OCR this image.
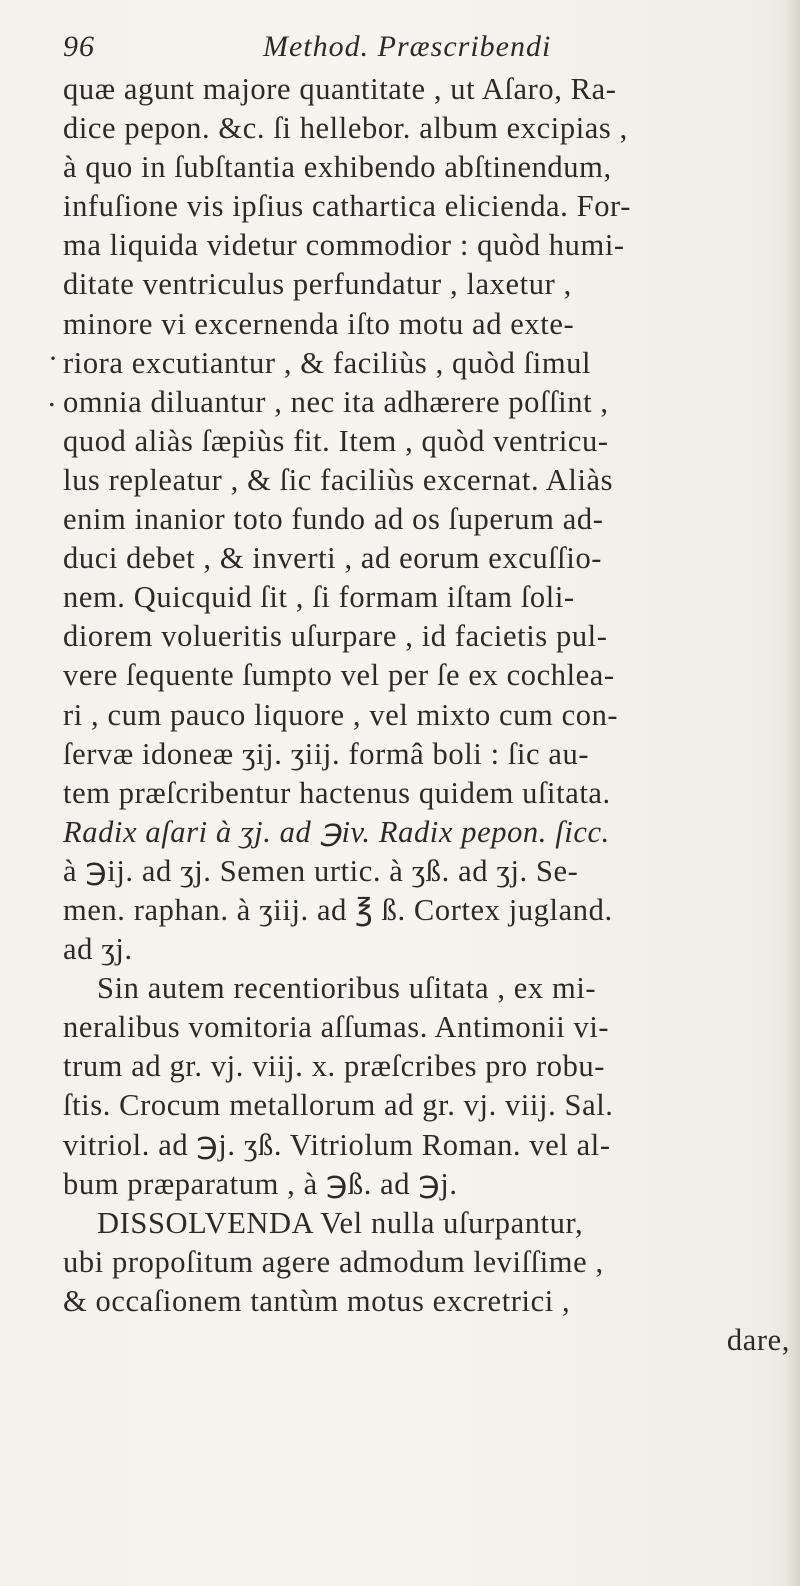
96	Method. Præscribendi
·
.
quæ agunt majore quantitate , ut Aſaro, Ra-
dice pepon. &c. ſi hellebor. album excipias ,
à quo in ſubſtantia exhibendo abſtinendum,
infuſione vis ipſius cathartica elicienda. For-
ma liquida videtur commodior : quòd humi-
ditate ventriculus perfundatur , laxetur ,
minore vi excernenda iſto motu ad exte-
riora excutiantur , & faciliùs , quòd ſimul
omnia diluantur , nec ita adhærere poſſint ,
quod aliàs ſæpiùs fit. Item , quòd ventricu-
lus repleatur , & ſic faciliùs excernat. Aliàs
enim inanior toto fundo ad os ſuperum ad-
duci debet , & inverti , ad eorum excuſſio-
nem. Quicquid ſit , ſi formam iſtam ſoli-
diorem volueritis uſurpare , id facietis pul-
vere ſequente ſumpto vel per ſe ex cochlea-
ri , cum pauco liquore , vel mixto cum con-
ſervæ idoneæ ʒij. ʒiij. formâ boli : ſic au-
tem præſcribentur hactenus quidem uſitata.
Radix aſari à ʒj. ad ℈iv. Radix pepon. ſicc.
à ℈ij. ad ʒj. Semen urtic. à ʒß. ad ʒj. Se-
men. raphan. à ʒiij. ad ℥ ß. Cortex jugland.
ad ʒj.
Sin autem recentioribus uſitata , ex mi-
neralibus vomitoria aſſumas. Antimonii vi-
trum ad gr. vj. viij. x. præſcribes pro robu-
ſtis. Crocum metallorum ad gr. vj. viij. Sal.
vitriol. ad ℈j. ʒß. Vitriolum Roman. vel al-
bum præparatum , à ℈ß. ad ℈j.
DISSOLVENDA Vel nulla uſurpantur,
ubi propoſitum agere admodum leviſſime ,
& occaſionem tantùm motus excretrici ,
dare,
